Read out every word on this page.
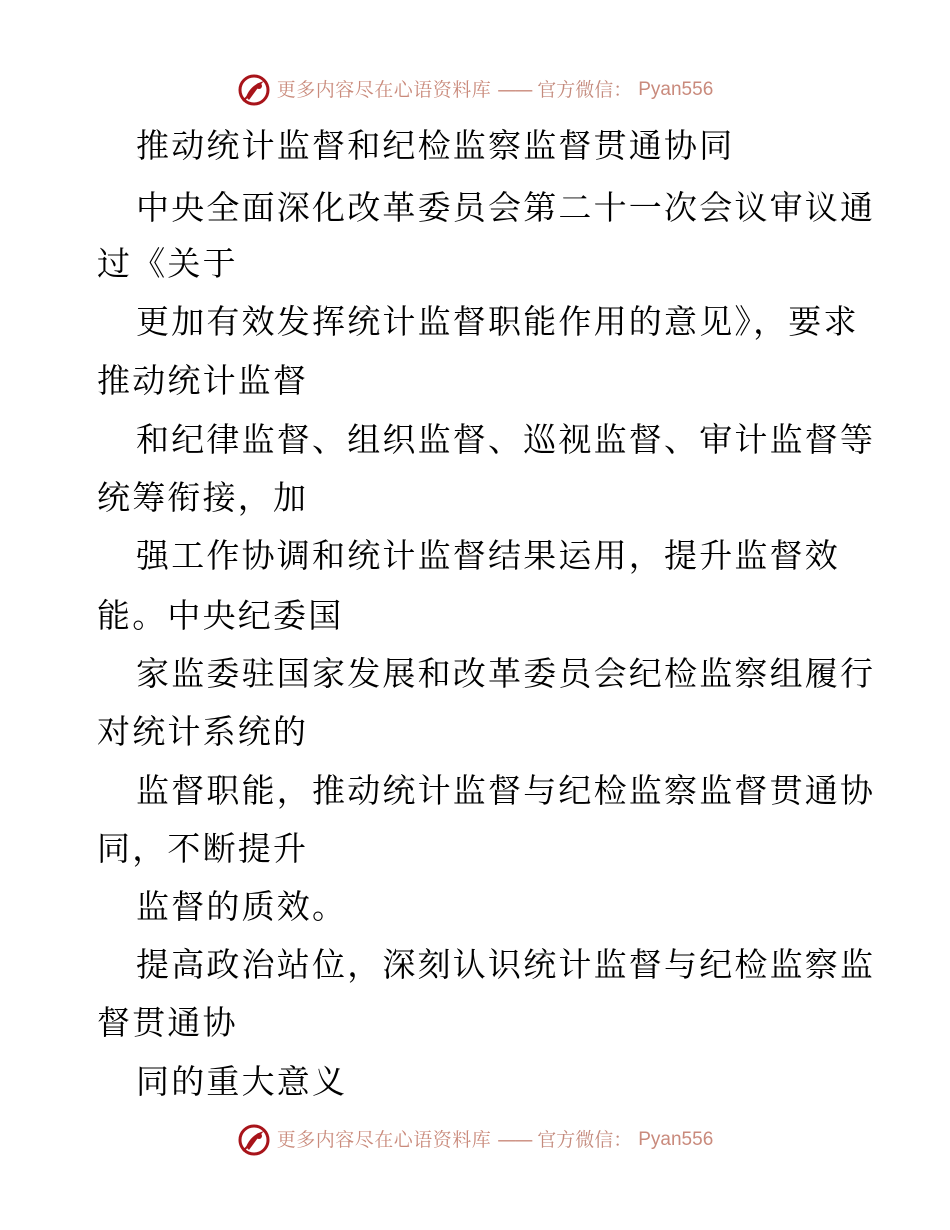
更多内容尽在心语资料库 —— 官方微信： Pyan556
推动统计监督和纪检监察监督贯通协同
中央全面深化改革委员会第二十一次会议审议通
过《关于
更加有效发挥统计监督职能作用的意见》，要求
推动统计监督
和纪律监督、组织监督、巡视监督、审计监督等
统筹衔接，加
强工作协调和统计监督结果运用，提升监督效
能。中央纪委国
家监委驻国家发展和改革委员会纪检监察组履行
对统计系统的
监督职能，推动统计监督与纪检监察监督贯通协
同，不断提升
监督的质效。
提高政治站位，深刻认识统计监督与纪检监察监
督贯通协
同的重大意义
更多内容尽在心语资料库 —— 官方微信： Pyan556
